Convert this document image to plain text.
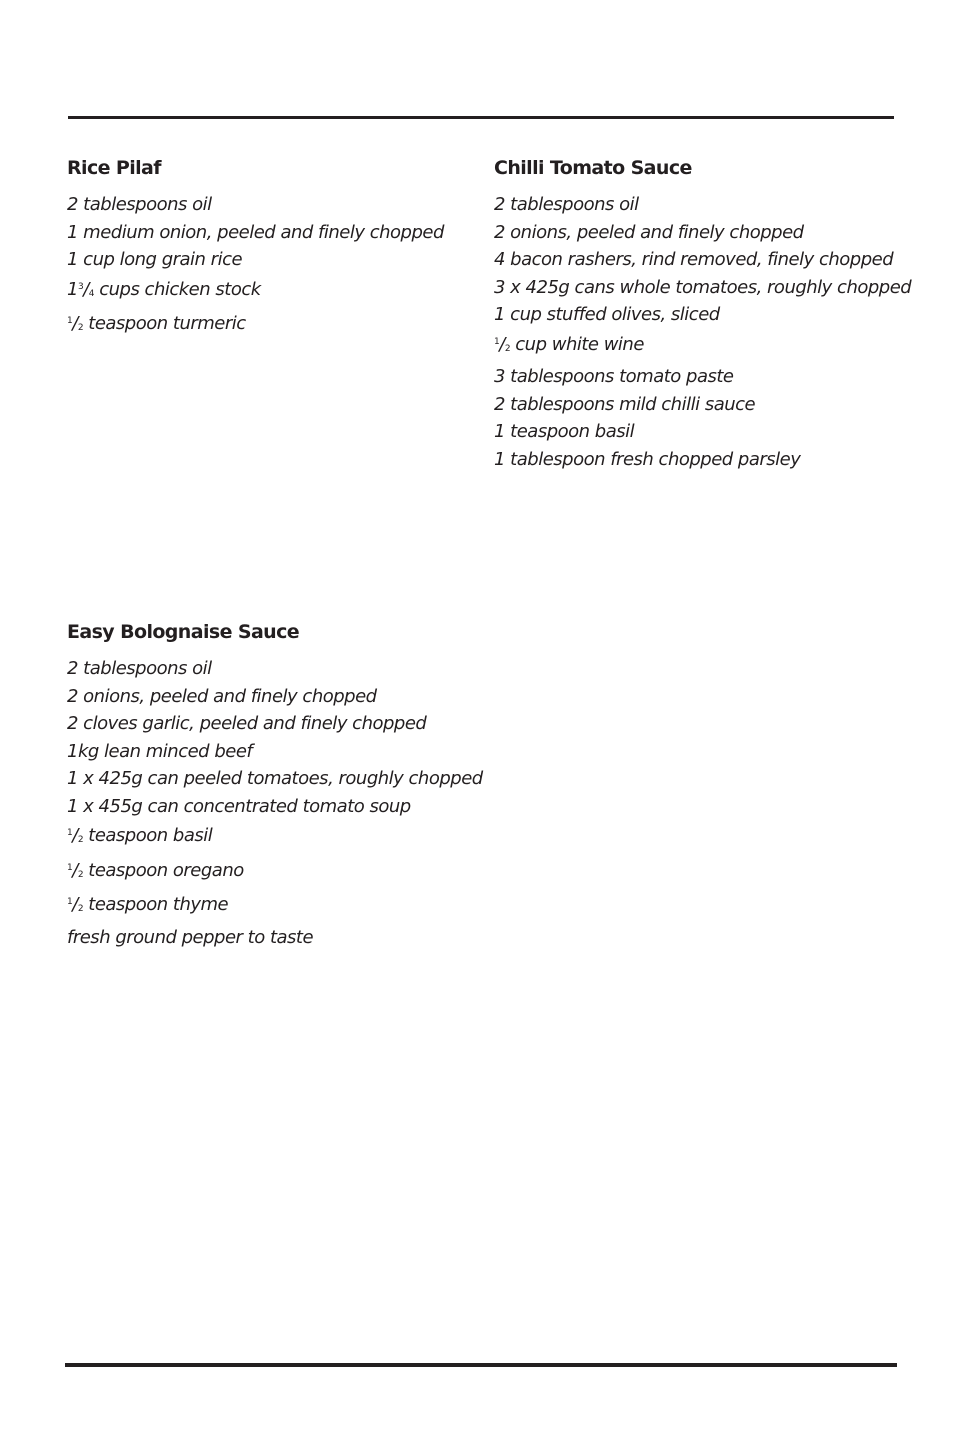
Rice Pilaf
2 tablespoons oil
1 medium onion, peeled and finely chopped
1 cup long grain rice
$1^3/4$ cups chicken stock
$^1$/2 teaspoon turmeric
Chilli Tomato Sauce
2 tablespoons oil
2 onions, peeled and finely chopped
4 bacon rashers, rind removed, finely chopped
3 x 425g cans whole tomatoes, roughly chopped
1 cup stuffed olives, sliced
$^1$/2 cup white wine
3 tablespoons tomato paste
2 tablespoons mild chilli sauce
1 teaspoon basil
1 tablespoon fresh chopped parsley
Easy Bolognaise Sauce
2 tablespoons oil
2 onions, peeled and finely chopped
2 cloves garlic, peeled and finely chopped
1kg lean minced beef
1 x 425g can peeled tomatoes, roughly chopped
1 x 455g can concentrated tomato soup
$^1$/2 teaspoon basil
$^1$/2 teaspoon oregano
$^1$/2 teaspoon thyme
fresh ground pepper to taste
